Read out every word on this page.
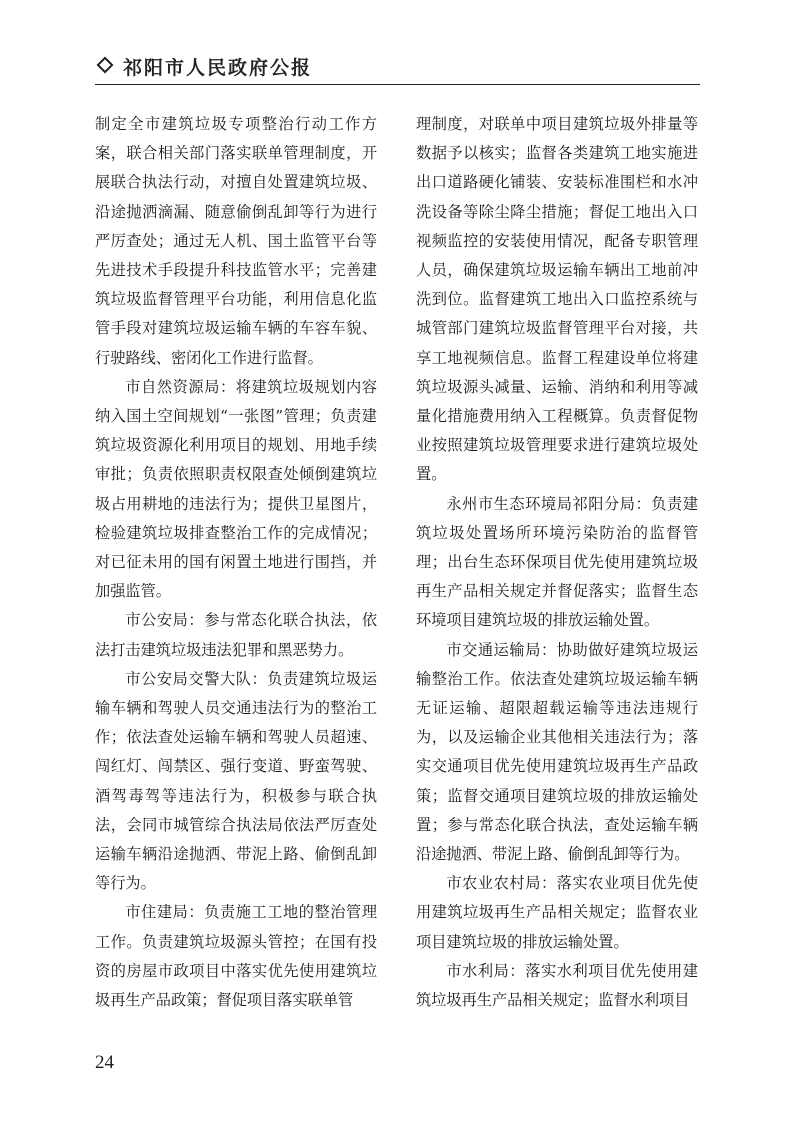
祁阳市人民政府公报

制定全市建筑垃圾专项整治行动工作方案，联合相关部门落实联单管理制度，开展联合执法行动，对擅自处置建筑垃圾、沿途抛洒滴漏、随意偷倒乱卸等行为进行严厉查处；通过无人机、国土监管平台等先进技术手段提升科技监管水平；完善建筑垃圾监督管理平台功能，利用信息化监管手段对建筑垃圾运输车辆的车容车貌、行驶路线、密闭化工作进行监督。

市自然资源局：将建筑垃圾规划内容纳入国土空间规划“一张图”管理；负责建筑垃圾资源化利用项目的规划、用地手续审批；负责依照职责权限查处倾倒建筑垃圾占用耕地的违法行为；提供卫星图片，检验建筑垃圾排查整治工作的完成情况；对已征未用的国有闲置土地进行围挡，并加强监管。

市公安局：参与常态化联合执法，依法打击建筑垃圾违法犯罪和黑恶势力。

市公安局交警大队：负责建筑垃圾运输车辆和驾驶人员交通违法行为的整治工作；依法查处运输车辆和驾驶人员超速、闯红灯、闯禁区、强行变道、野蛮驾驶、酒驾毒驾等违法行为，积极参与联合执法，会同市城管综合执法局依法严厉查处运输车辆沿途抛洒、带泥上路、偷倒乱卸等行为。

市住建局：负责施工工地的整治管理工作。负责建筑垃圾源头管控；在国有投资的房屋市政项目中落实优先使用建筑垃圾再生产品政策；督促项目落实联单管

理制度，对联单中项目建筑垃圾外排量等数据予以核实；监督各类建筑工地实施进出口道路硬化铺装、安装标准围栏和水冲洗设备等除尘降尘措施；督促工地出入口视频监控的安装使用情况，配备专职管理人员，确保建筑垃圾运输车辆出工地前冲洗到位。监督建筑工地出入口监控系统与城管部门建筑垃圾监督管理平台对接，共享工地视频信息。监督工程建设单位将建筑垃圾源头减量、运输、消纳和利用等减量化措施费用纳入工程概算。负责督促物业按照建筑垃圾管理要求进行建筑垃圾处置。

永州市生态环境局祁阳分局：负责建筑垃圾处置场所环境污染防治的监督管理；出台生态环保项目优先使用建筑垃圾再生产品相关规定并督促落实；监督生态环境项目建筑垃圾的排放运输处置。

市交通运输局：协助做好建筑垃圾运输整治工作。依法查处建筑垃圾运输车辆无证运输、超限超载运输等违法违规行为，以及运输企业其他相关违法行为；落实交通项目优先使用建筑垃圾再生产品政策；监督交通项目建筑垃圾的排放运输处置；参与常态化联合执法，查处运输车辆沿途抛洒、带泥上路、偷倒乱卸等行为。

市农业农村局：落实农业项目优先使用建筑垃圾再生产品相关规定；监督农业项目建筑垃圾的排放运输处置。

市水利局：落实水利项目优先使用建筑垃圾再生产品相关规定；监督水利项目

24
